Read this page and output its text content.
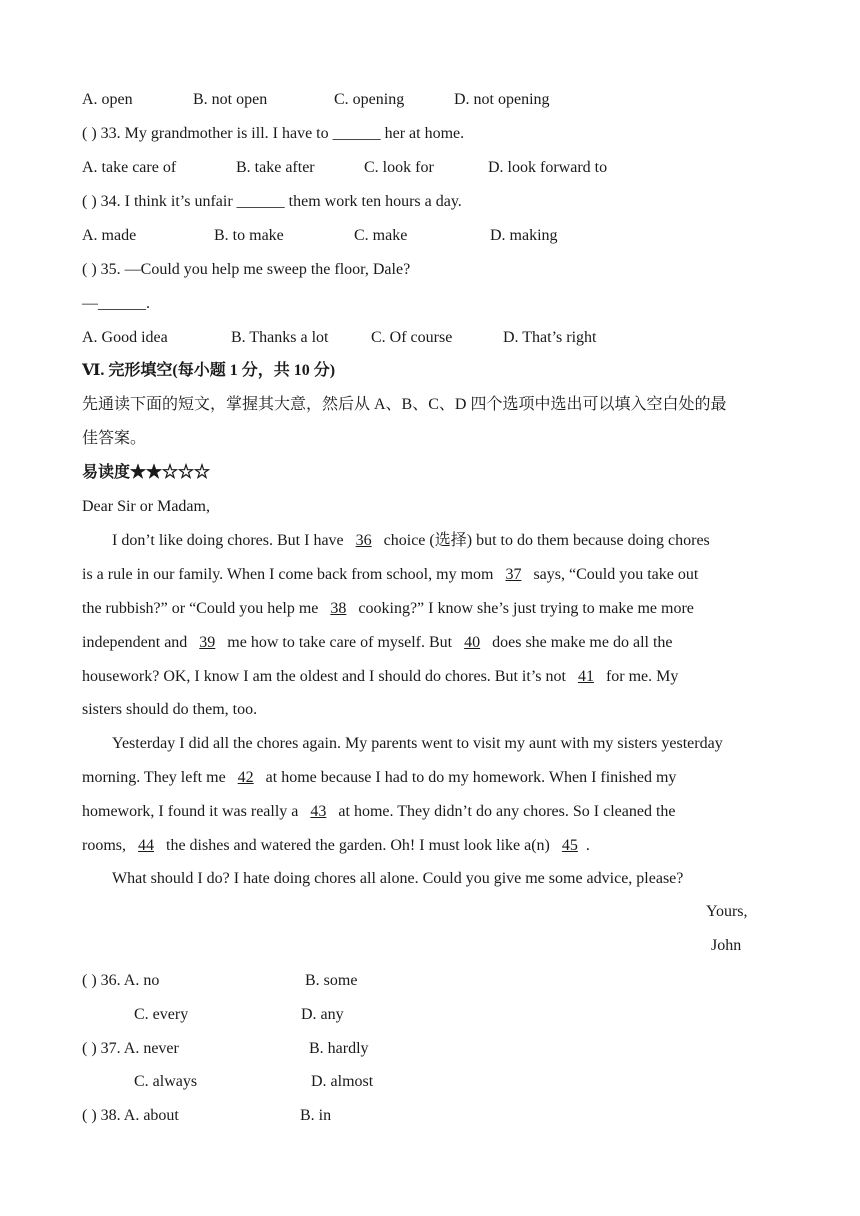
A. open	B. not open	C. opening	D. not opening
( ) 33. My grandmother is ill. I have to ______ her at home.
A. take care of	B. take after	C. look for	D. look forward to
( ) 34. I think it’s unfair ______ them work ten hours a day.
A. made	B. to make	C. make	D. making
( ) 35. —Could you help me sweep the floor, Dale?
—______.
A. Good idea	B. Thanks a lot	C. Of course	D. That’s right
Ⅵ. 完形填空(每小题 1 分，共 10 分)
先通读下面的短文，掌握其大意，然后从 A、B、C、D 四个选项中选出可以填入空白处的最
佳答案。
易读度★★☆☆☆
Dear Sir or Madam,
I don’t like doing chores. But I have 36 choice (选择) but to do them because doing chores
is a rule in our family. When I come back from school, my mom 37 says, “Could you take out
the rubbish?” or “Could you help me 38 cooking?” I know she’s just trying to make me more
independent and 39 me how to take care of myself. But 40 does she make me do all the
housework? OK, I know I am the oldest and I should do chores. But it’s not 41 for me. My
sisters should do them, too.
Yesterday I did all the chores again. My parents went to visit my aunt with my sisters yesterday
morning. They left me 42 at home because I had to do my homework. When I finished my
homework, I found it was really a 43 at home. They didn’t do any chores. So I cleaned the
rooms, 44 the dishes and watered the garden. Oh! I must look like a(n) 45 .
What should I do? I hate doing chores all alone. Could you give me some advice, please?
Yours,
John
( ) 36. A. no	B. some
C. every	D. any
( ) 37. A. never	B. hardly
C. always	D. almost
( ) 38. A. about	B. in
